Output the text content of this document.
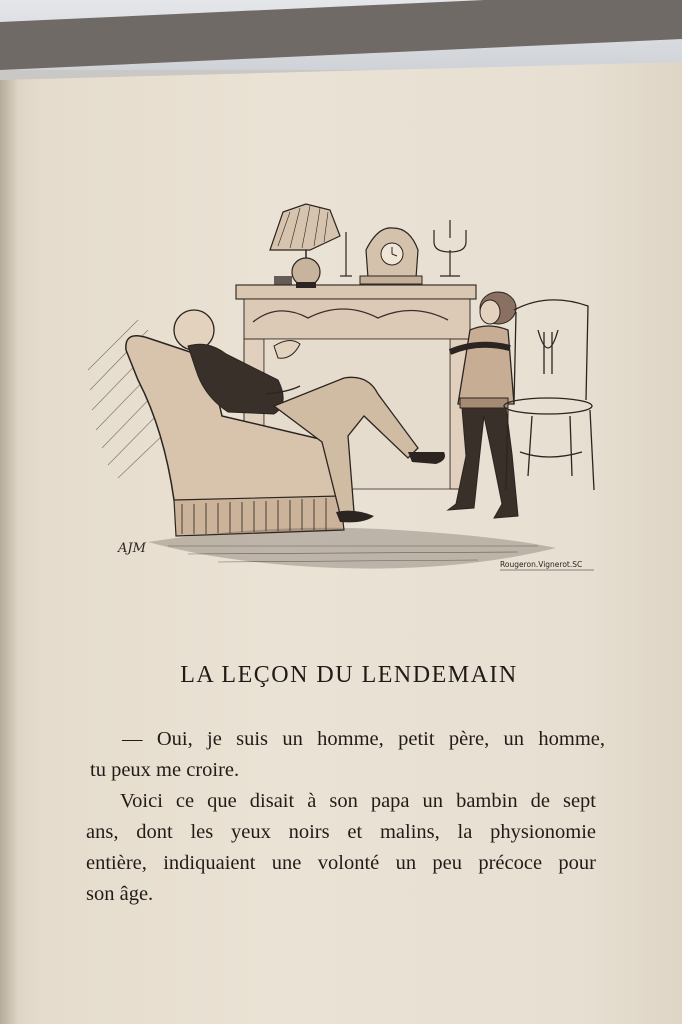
AJM
Rougeron.Vignerot.SC
LA LEÇON DU LENDEMAIN
— Oui, je suis un homme, petit père, un homme,
tu peux me croire.
Voici ce que disait à son papa un bambin de sept
ans, dont les yeux noirs et malins, la physionomie
entière, indiquaient une volonté un peu précoce pour
son âge.
